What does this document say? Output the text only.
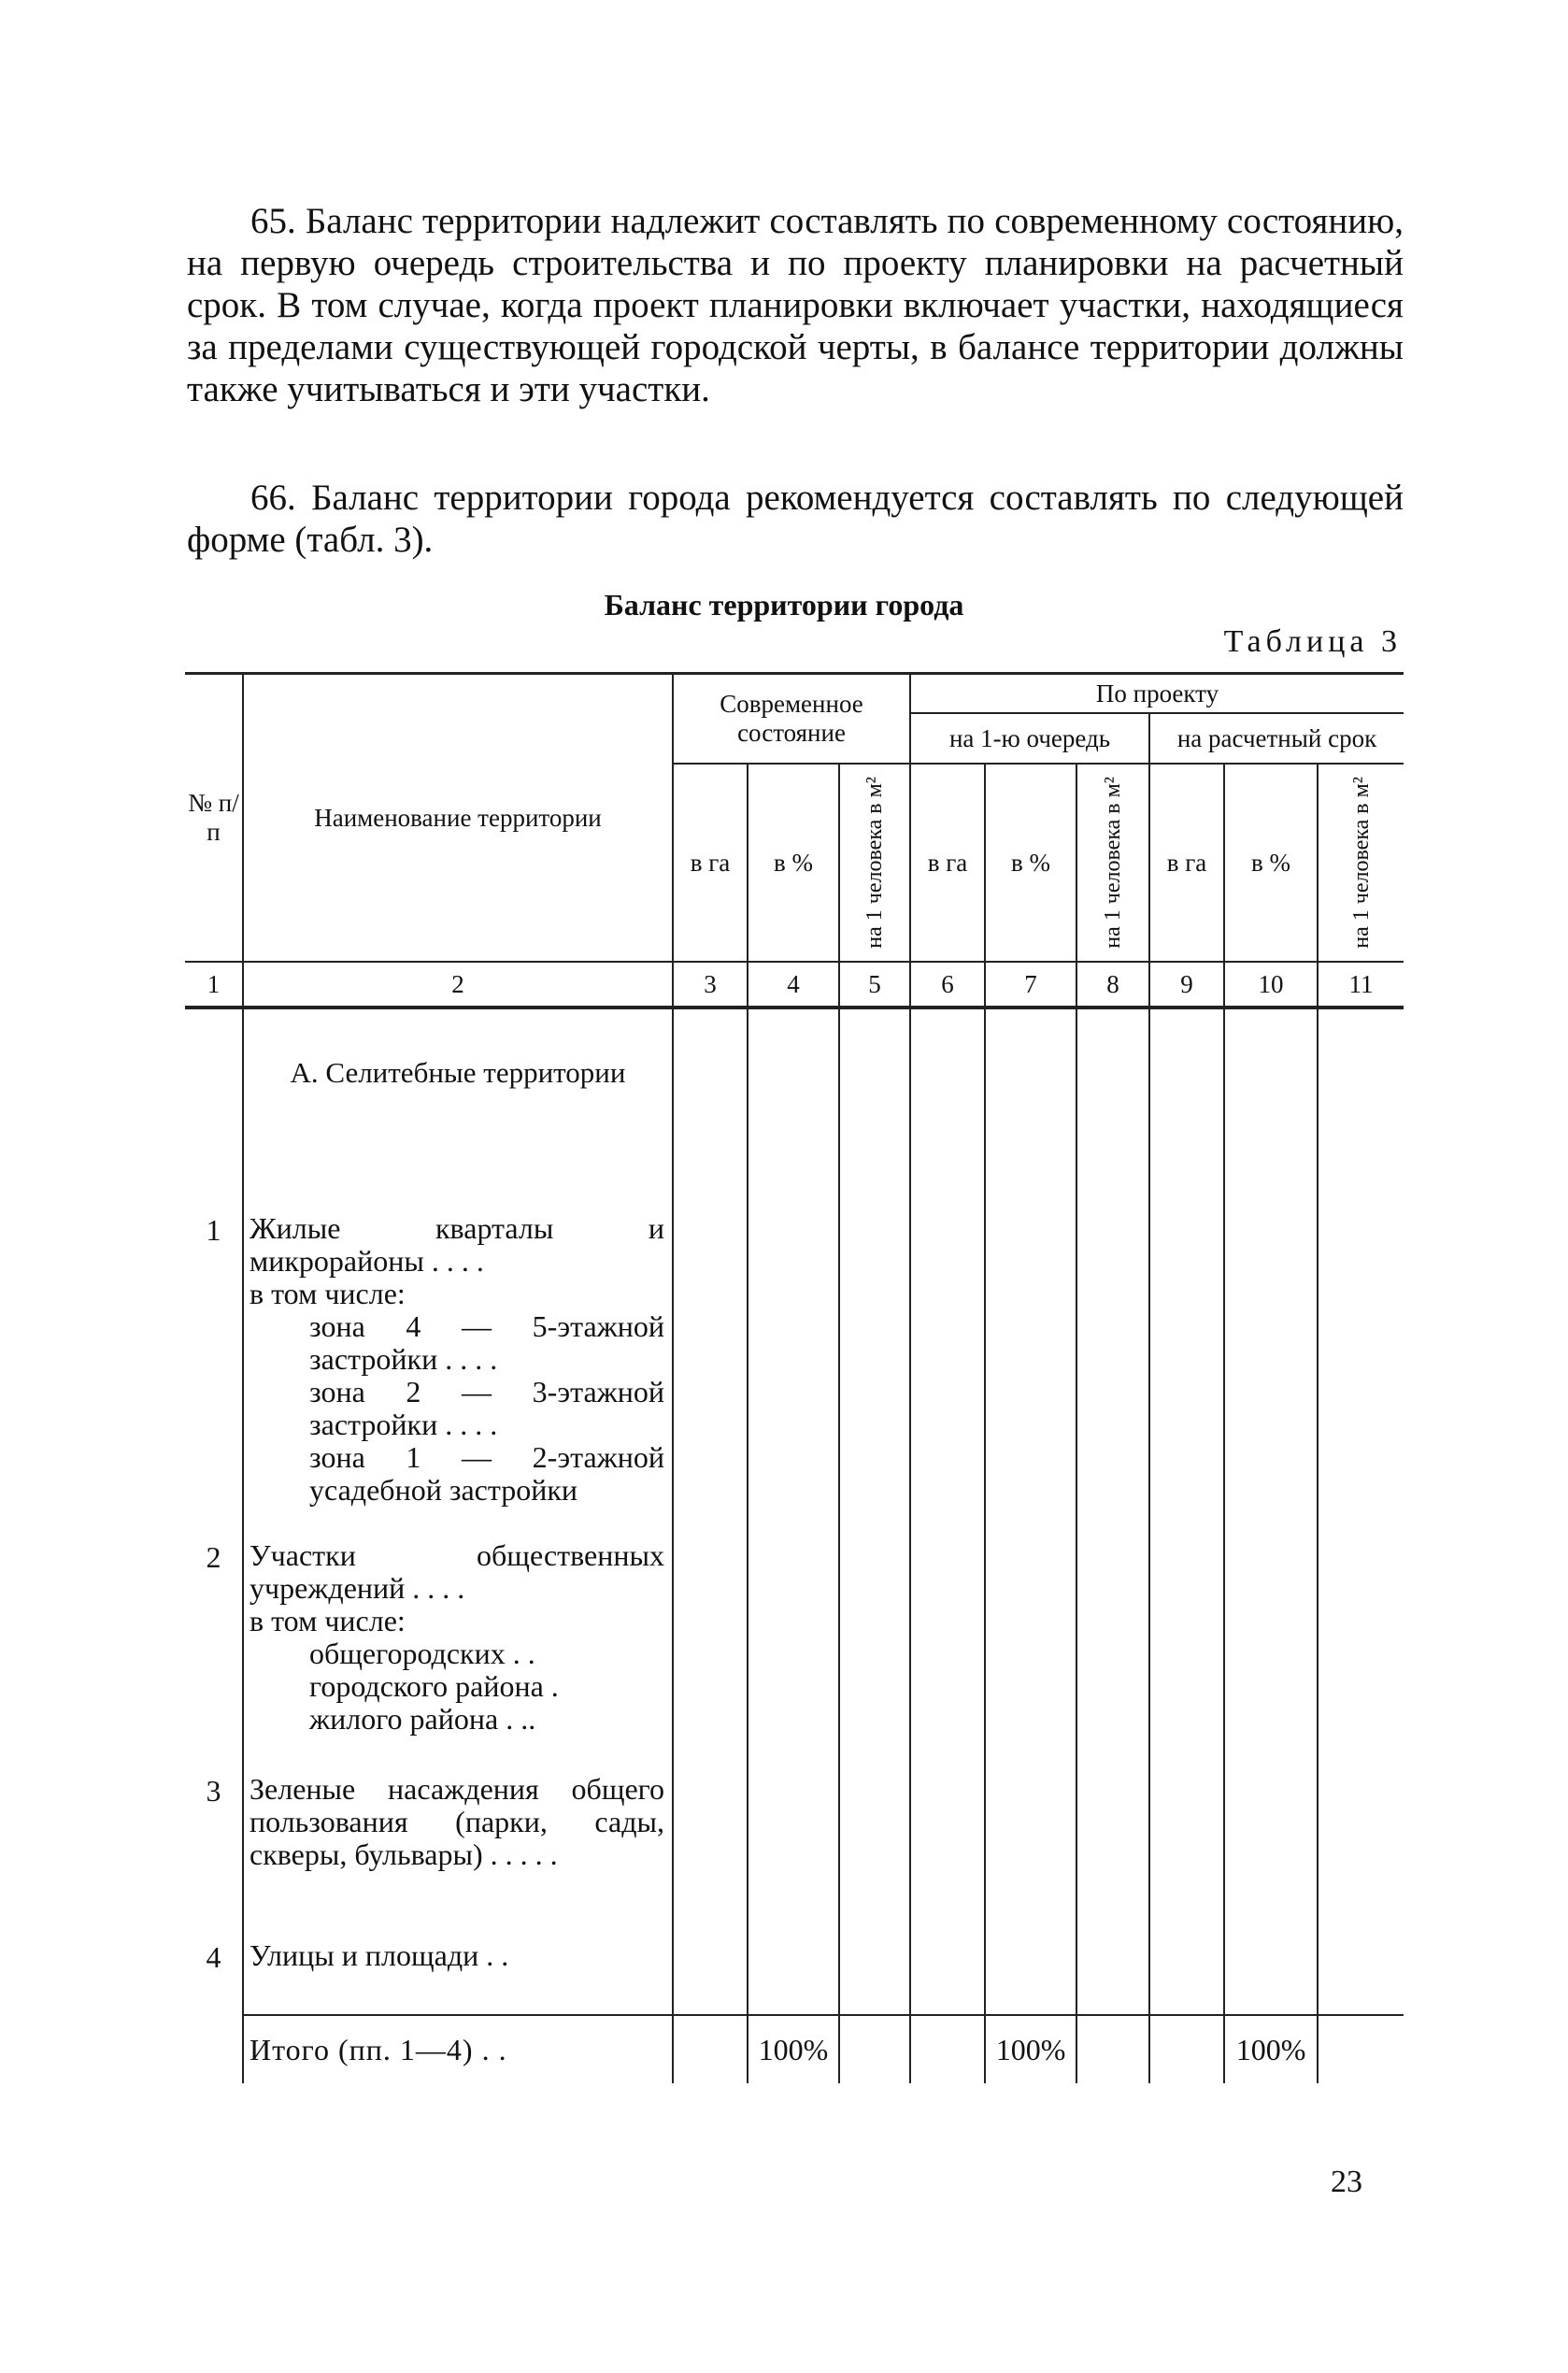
65. Баланс территории надлежит составлять по современному состоянию, на первую очередь строительства и по проекту планировки на расчетный срок. В том случае, когда проект планировки включает участки, находящиеся за пределами существующей городской черты, в балансе территории должны также учитываться и эти участки.

66. Баланс территории города рекомендуется составлять по следующей форме (табл. 3).

Баланс территории города
Таблица 3
№ п/п	Наименование территории	Современное состояние			По проекту					
					на 1-ю очередь			на расчетный срок		
		в га	в %	на 1 человека в м²	в га	в %	на 1 человека в м²	в га	в %	на 1 человека в м²

1	2	3	4	5	6	7	8	9	10	11
	А. Селитебные территории									
1	Жилые кварталы и микрорайоны . . . .
в том числе:
зона 4 — 5-этажной застройки . . . .
зона 2 — 3-этажной застройки . . . .
зона 1 — 2-этажной усадебной застройки									

2	Участки общественных учреждений . . . .
в том числе:
общегородских . .
городского района .
жилого района . ..									

3	Зеленые насаждения общего пользования (парки, сады, скверы, бульвары) . . . . .									

4	Улицы и площади . .									

	Итого (пп. 1—4) . .		100%			100%			100%	
23
